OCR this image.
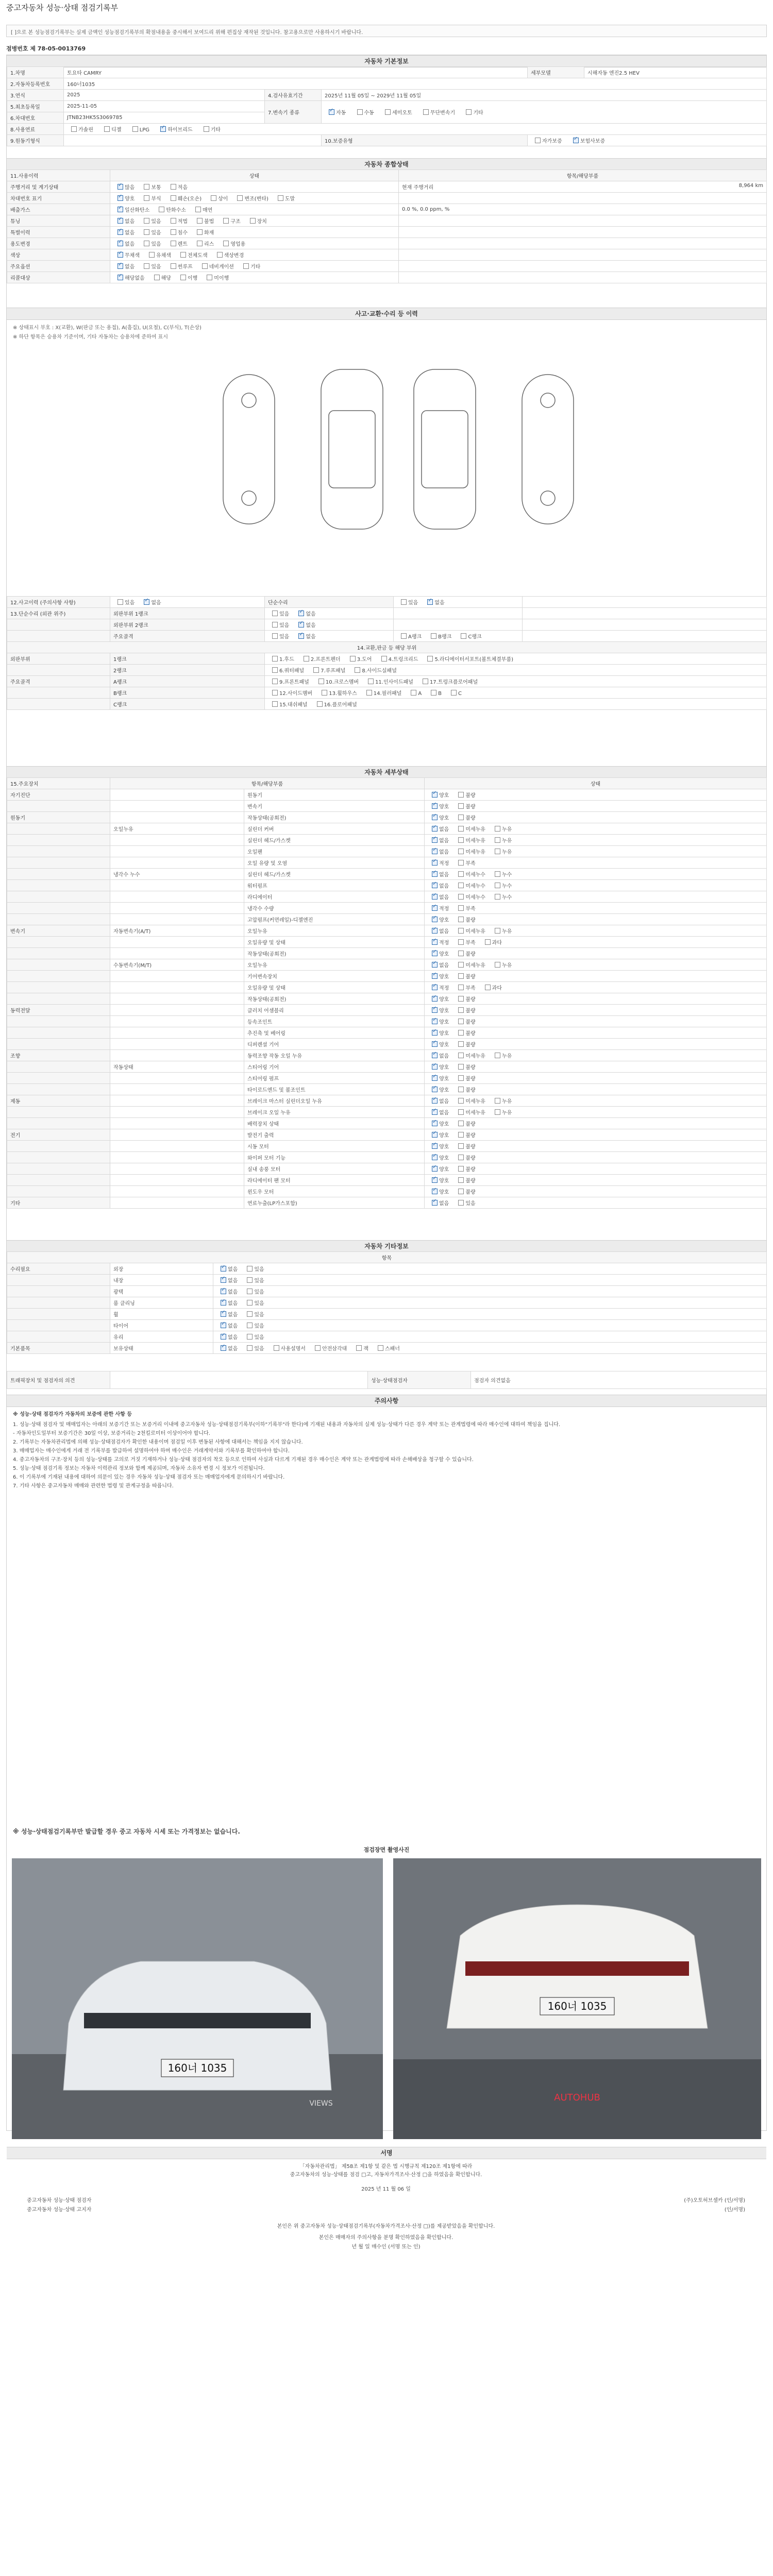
중고자동차 성능·상태 점검기록부
[ ]으로 본 성능점검기록부는 실제 금액인 성능점검기록부의 확점내용을 중시해서 보여드리 위해 편집상 재작된 것입니다. 참고용으로만 사용하시기 바랍니다.
점병번호 제 78-05-0013769
자동차 기본정보
1.차명	토요타 CAMRY			세부모델	시해자동 엔진2.5 HEV
2.자동차등록번호	160너1035				
3.연식	2025	4.검사유효기간	2025년 11월 05일 ~ 2029년 11월 05일		
5.최초등록일	2025-11-05	7.변속기 종류	✓자동 수동 세미오토 무단변속기 기타
6.차대번호	JTNB23HK5S3069785				
8.사용연료	가솔린 디젤 LPG ✓ 하이브리드 기타
9.원동기형식			10.보증유형	자가보증 ✓ 보험사보증
자동차 종합상태
11.사용이력	상태	항목/해당부품
주행거리 및 계기상태	✓많음 보통 적음	현재 주행거리 8,964 km

차대번호 표기	✓양호 부식 훼손(오손) 상이 변조(변타) 도말	
배출가스	✓일산화탄소 탄화수소 매연	0.0 %, 0.0 ppm, %
튜닝	✓없음 있음 적법 불법 구조 장치	
특별이력	✓없음 있음 침수 화재	
용도변경	✓없음 있음 렌트 리스 영업용	
색상	✓무채색 유채색 전체도색 색상변경	
주요옵션	✓없음 있음 썬루프 네비게이션 기타	
리콜대상	✓해당없음 해당 이행 미이행	
사고·교환·수리 등 이력
※ 상태표시 부호 : X(교환), W(판금 또는 용접), A(흠집), U(요철), C(부식), T(손상)
※ 하단 항목은 승용차 기준이며, 기타 자동차는 승용차에 준하여 표시
12.사고이력 (주의사항 사항)	있음 ✓ 없음	단순수리	있음 ✓ 없음	
13.단순수리 (외관 위주)	외판부위 1랭크	있음 ✓ 없음		
	외판부위 2랭크	있음 ✓ 없음		
	주요골격	있음 ✓ 없음	A랭크 B랭크 C랭크	
14.교환,판금 등 해당 부위				
외판부위	1랭크	1.후드 2.프론트펜더 3.도어 4.트렁크리드 5.라디에이터서포트(볼트체결부품)		
	2랭크	6.쿼터패널 7.루프패널 8.사이드실패널		
주요골격	A랭크	9.프론트패널 10.크로스멤버 11.인사이드패널 17.트렁크플로어패널		
	B랭크	12.사이드멤버 13.휠하우스 14.필러패널 A B C		
	C랭크	15.대쉬패널 16.플로어패널		
자동차 세부상태
15.주요장치	항목/해당부품		상태
자기진단		원동기	✓양호 불량
		변속기	✓양호 불량
원동기		작동상태(공회전)	✓양호 불량
	오일누유	실린더 커버	✓없음 미세누유 누유
		실린더 헤드/가스켓	✓없음 미세누유 누유
		오일팬	✓없음 미세누유 누유
		오일 유량 및 오염	✓적정 부족
	냉각수 누수	실린더 헤드/가스켓	✓없음 미세누수 누수
		워터펌프	✓없음 미세누수 누수
		라디에이터	✓없음 미세누수 누수
		냉각수 수량	✓적정 부족
		고압펌프(커먼레일)-디젤엔진	✓양호 불량
변속기	자동변속기(A/T)	오일누유	✓없음 미세누유 누유
		오일유량 및 상태	✓적정 부족 과다
		작동상태(공회전)	✓양호 불량
	수동변속기(M/T)	오일누유	✓없음 미세누유 누유
		기어변속장치	✓양호 불량
		오일유량 및 상태	✓적정 부족 과다
		작동상태(공회전)	✓양호 불량
동력전달		클러치 어셈블리	✓양호 불량
		등속조인트	✓양호 불량
		추진축 및 베어링	✓양호 불량
		디퍼렌셜 기어	✓양호 불량
조향		동력조향 작동 오일 누유	✓없음 미세누유 누유
	작동상태	스티어링 기어	✓양호 불량
		스티어링 펌프	✓양호 불량
		타이로드엔드 및 볼조인트	✓양호 불량
제동		브레이크 마스터 실린더오일 누유	✓없음 미세누유 누유
		브레이크 오일 누유	✓없음 미세누유 누유
		배력장치 상태	✓양호 불량
전기		발전기 출력	✓양호 불량
		시동 모터	✓양호 불량
		와이퍼 모터 기능	✓양호 불량
		실내 송풍 모터	✓양호 불량
		라디에이터 팬 모터	✓양호 불량
		윈도우 모터	✓양호 불량
기타		연료누출(LP가스포함)	✓없음 있음
자동차 기타정보
항목		
수리필요	외장	✓없음 있음
	내장	✓없음 있음
	광택	✓없음 있음
	룸 클리닝	✓없음 있음
	휠	✓없음 있음
	타이어	✓없음 있음
	유리	✓없음 있음
기본품목	보유상태	✓없음 있음 사용설명서 안전삼각대 잭 스패너
트래픽장치 및 점검자의 의견		성능·상태점검자	점검자 의견없음
주의사항
※ 성능·상태 점검자가 자동차의 보증에 관한 사항 등
1. 성능·상태 점검자 및 매매업자는 아래의 보증기간 또는 보증거리 이내에 중고자동차 성능·상태점검기록부(이하"기록부"라 한다)에 기재된 내용과 자동차의 실제 성능·상태가 다른 경우 계약 또는 관계법령에 따라 매수인에 대하여 책임을 집니다.
- 자동차인도일부터 보증기간은 30일 이상, 보증거리는 2천킬로미터 이상이어야 합니다.
2. 기록부는 자동차관리법에 의해 성능·상태점검자가 확인한 내용이며 점검일 이후 변동된 사항에 대해서는 책임을 지지 않습니다.
3. 매매업자는 매수인에게 거래 전 기록부를 발급하여 설명하여야 하며 매수인은 거래계약서와 기록부를 확인하여야 합니다.
4. 중고자동차의 구조·장치 등의 성능·상태를 고의로 거짓 기재하거나 성능·상태 점검자의 착오 등으로 인하여 사실과 다르게 기재된 경우 매수인은 계약 또는 관계법령에 따라 손해배상을 청구할 수 있습니다.
5. 성능·상태 점검기록 정보는 자동차 이력관리 정보와 함께 제공되며, 자동차 소유자 변경 시 정보가 이전됩니다.
6. 이 기록부에 기재된 내용에 대하여 의문이 있는 경우 자동차 성능·상태 점검자 또는 매매업자에게 문의하시기 바랍니다.
7. 기타 사항은 중고자동차 매매와 관련한 법령 및 관계규정을 따릅니다.
※ 성능·상태점검기록부만 발급할 경우 중고 자동차 시세 또는 가격정보는 없습니다.
점검장면 촬영사진
160너 1035
VIEWS
160너 1035
AUTOHUB
서명
「자동차관리법」 제58조 제1항 및 같은 법 시행규칙 제120조 제1항에 따라
중고자동차의 성능·상태를 점검 □고, 자동차가격조사·산정 □을 하였음을 확인합니다.
2025 년 11 월 06 일
중고자동차 성능·상태 점검자	(주)오토허브셀카 (인/서명)
중고자동차 성능·상태 고지자	(인/서명)
본인은 위 중고자동차 성능·상태점검기록부(자동차가격조사·산정 □)를 제공받았음을 확인합니다.
본인은 매매자의 주의사항을 분명 확인하였음을 확인합니다.
년 월 일 매수인 (서명 또는 인)
